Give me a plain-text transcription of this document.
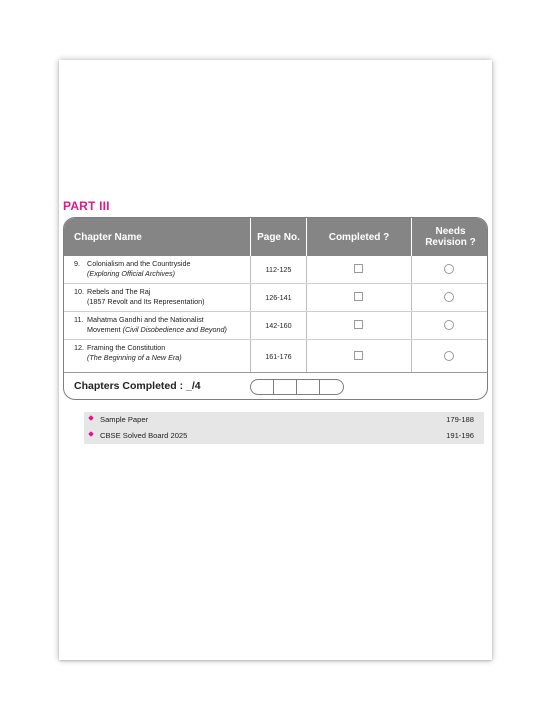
PART III
Chapter Name	Page No.	Completed ?	Needs
Revision ?
9. Colonialism and the Countryside
(Exploring Official Archives)	112-125
10. Rebels and The Raj
(1857 Revolt and Its Representation)	126-141
11. Mahatma Gandhi and the Nationalist
Movement (Civil Disobedience and Beyond)	142-160
12. Framing the Constitution
(The Beginning of a New Era)	161-176
Chapters Completed : _/4
Sample Paper	179-188
CBSE Solved Board 2025	191-196
